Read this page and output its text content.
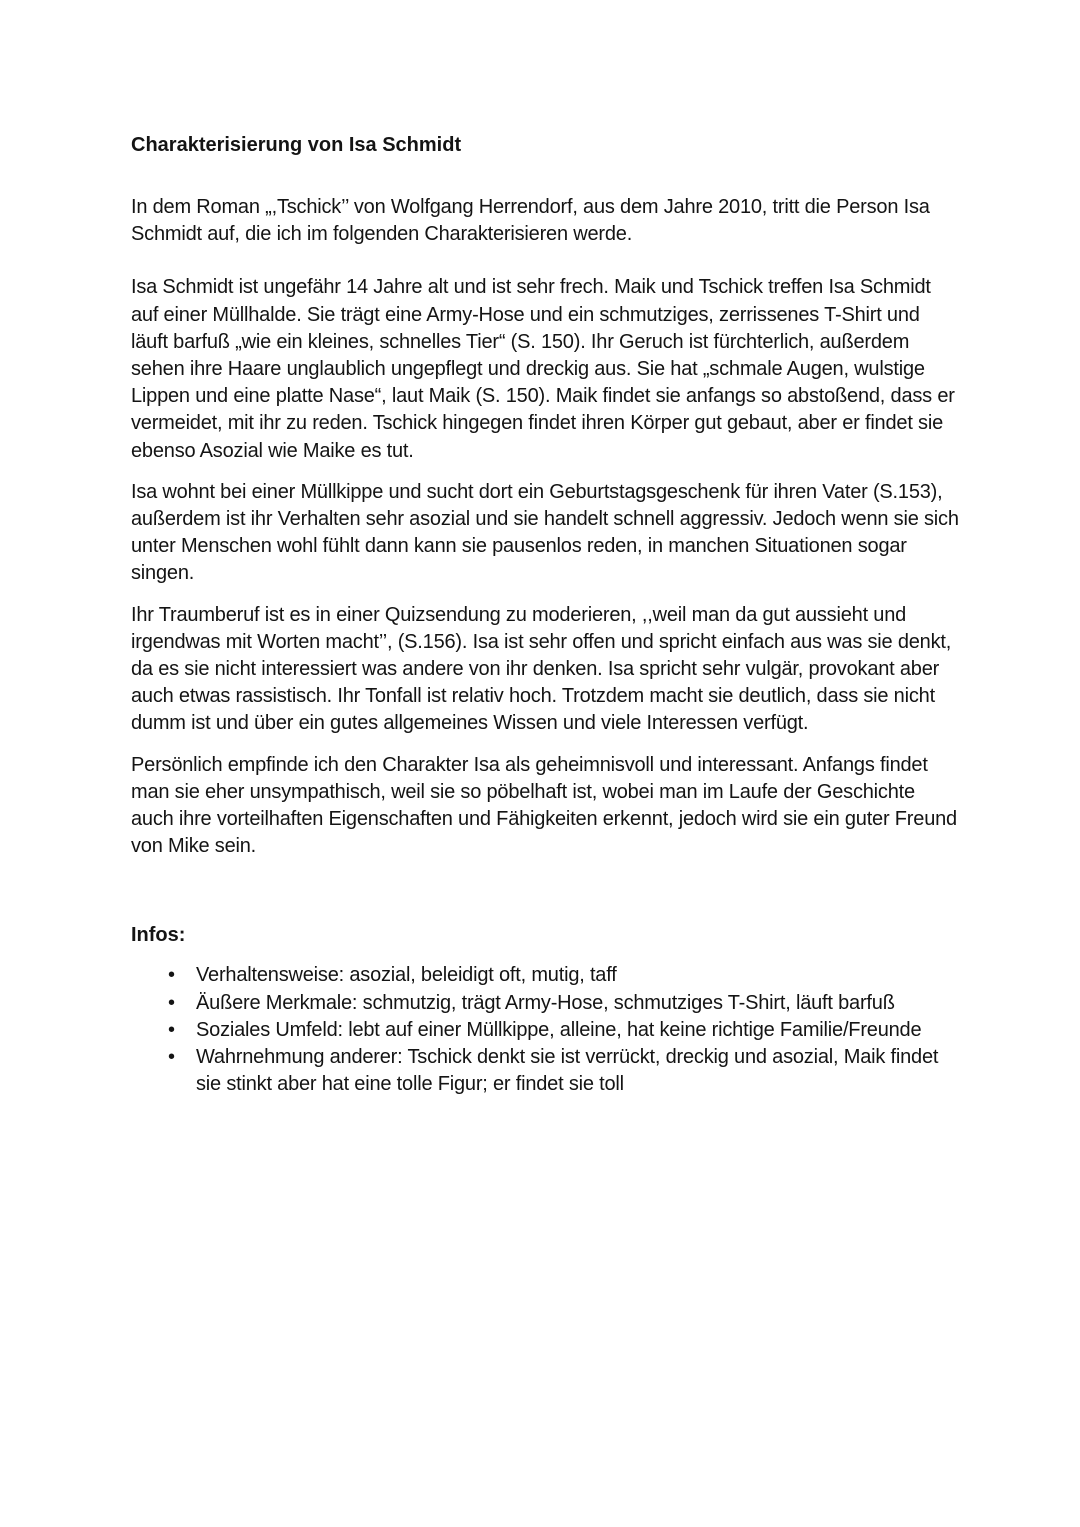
Charakterisierung von Isa Schmidt

In dem Roman „,Tschick’’ von Wolfgang Herrendorf, aus dem Jahre 2010, tritt die Person Isa Schmidt auf, die ich im folgenden Charakterisieren werde.

Isa Schmidt ist ungefähr 14 Jahre alt und ist sehr frech. Maik und Tschick treffen Isa Schmidt auf einer Müllhalde. Sie trägt eine Army-Hose und ein schmutziges, zerrissenes T-Shirt und läuft barfuß „wie ein kleines, schnelles Tier“ (S. 150). Ihr Geruch ist fürchterlich, außerdem sehen ihre Haare unglaublich ungepflegt und dreckig aus. Sie hat „schmale Augen, wulstige Lippen und eine platte Nase“, laut Maik (S. 150). Maik findet sie anfangs so abstoßend, dass er vermeidet, mit ihr zu reden. Tschick hingegen findet ihren Körper gut gebaut, aber er findet sie ebenso Asozial wie Maike es tut.

Isa wohnt bei einer Müllkippe und sucht dort ein Geburtstagsgeschenk für ihren Vater (S.153), außerdem ist ihr Verhalten sehr asozial und sie handelt schnell aggressiv. Jedoch wenn sie sich unter Menschen wohl fühlt dann kann sie pausenlos reden, in manchen Situationen sogar singen.

Ihr Traumberuf ist es in einer Quizsendung zu moderieren, ,,weil man da gut aussieht und irgendwas mit Worten macht’’, (S.156). Isa ist sehr offen und spricht einfach aus was sie denkt, da es sie nicht interessiert was andere von ihr denken. Isa spricht sehr vulgär, provokant aber auch etwas rassistisch. Ihr Tonfall ist relativ hoch. Trotzdem macht sie deutlich, dass sie nicht dumm ist und über ein gutes allgemeines Wissen und viele Interessen verfügt.

Persönlich empfinde ich den Charakter Isa als geheimnisvoll und interessant. Anfangs findet man sie eher unsympathisch, weil sie so pöbelhaft ist, wobei man im Laufe der Geschichte auch ihre vorteilhaften Eigenschaften und Fähigkeiten erkennt, jedoch wird sie ein guter Freund von Mike sein.

Infos:
• Verhaltensweise: asozial, beleidigt oft, mutig, taff
• Äußere Merkmale: schmutzig, trägt Army-Hose, schmutziges T-Shirt, läuft barfuß
• Soziales Umfeld: lebt auf einer Müllkippe, alleine, hat keine richtige Familie/Freunde
• Wahrnehmung anderer: Tschick denkt sie ist verrückt, dreckig und asozial, Maik findet sie stinkt aber hat eine tolle Figur; er findet sie toll
